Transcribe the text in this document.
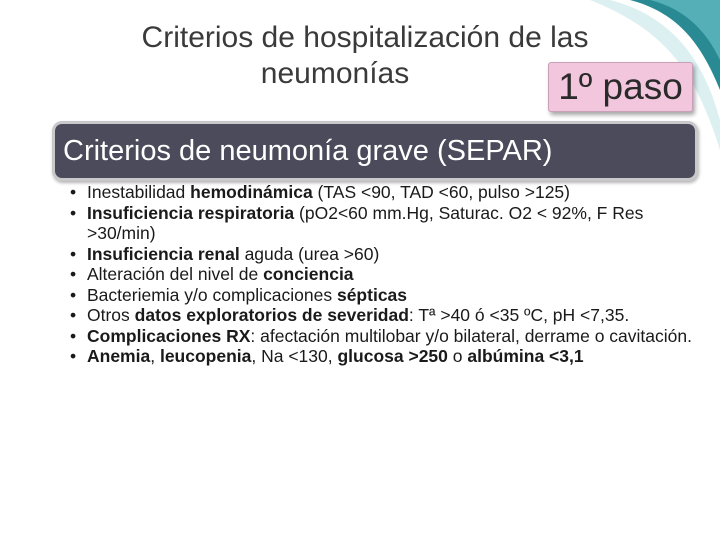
Criterios de hospitalización de las
neumonías	1º paso
Criterios de neumonía grave (SEPAR)
• Inestabilidad hemodinámica (TAS <90, TAD <60, pulso >125)
• Insuficiencia respiratoria (pO2<60 mm.Hg, Saturac. O2 < 92%, F Res >30/min)
• Insuficiencia renal aguda (urea >60)
• Alteración del nivel de conciencia
• Bacteriemia y/o complicaciones sépticas
• Otros datos exploratorios de severidad: Tª >40 ó <35 ºC, pH <7,35.
• Complicaciones RX: afectación multilobar y/o bilateral, derrame o cavitación.
• Anemia, leucopenia, Na <130, glucosa >250 o albúmina <3,1
